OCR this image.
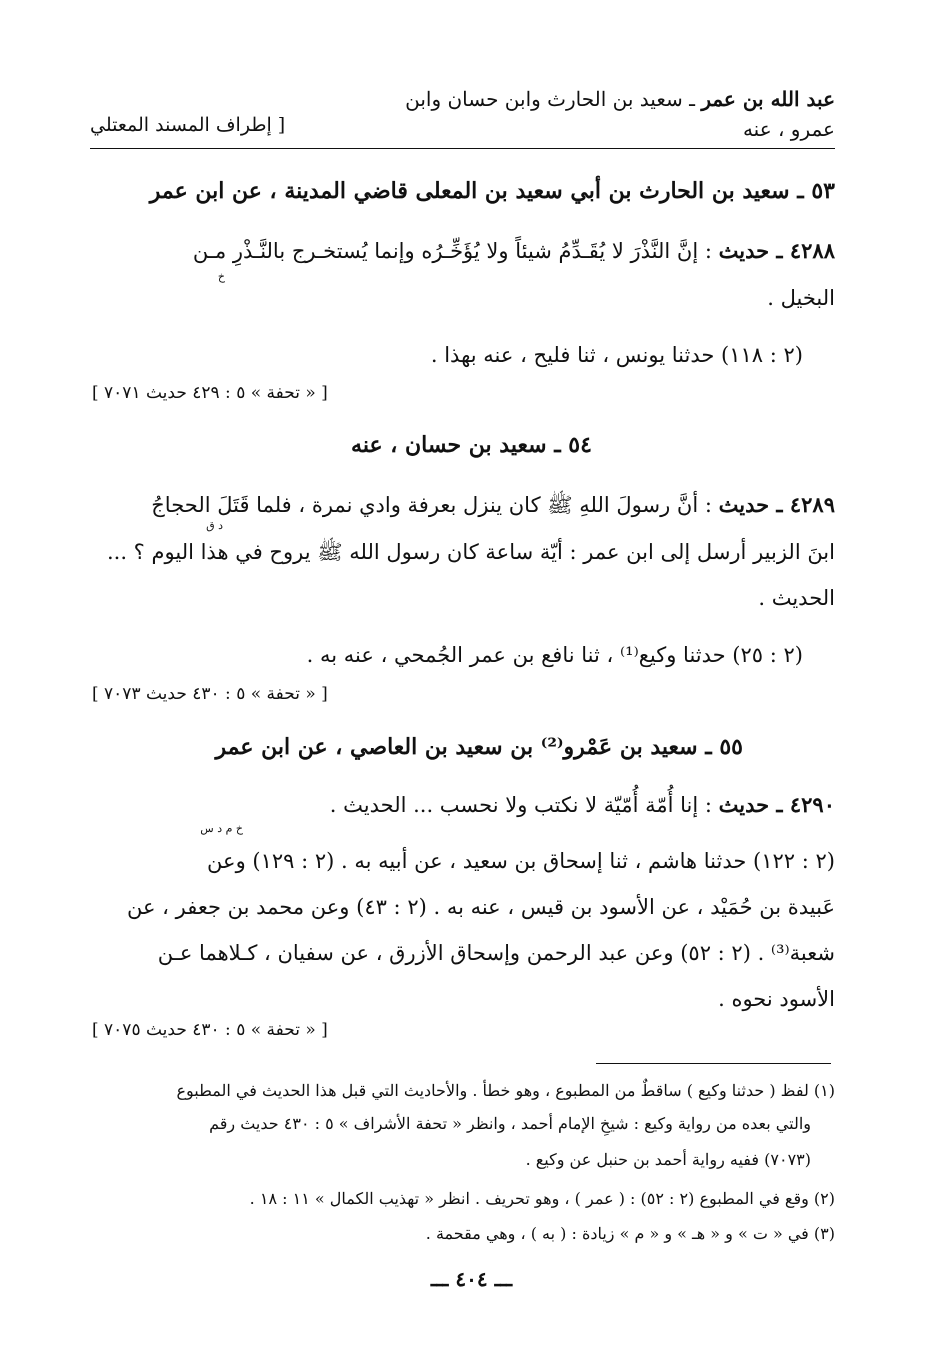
عبد الله بن عمر ـ سعيد بن الحارث وابن حسان وابن
عمرو ، عنه
[ إطراف المسند المعتلي
٥٣ ـ سعيد بن الحارث بن أبي سعيد بن المعلى قاضي المدينة ، عن ابن عمر
٤٢٨٨ ـ حديث : إنَّ النَّذْرَ لا يُقَـدِّمُ شيئاً ولا يُؤَخِّـرُه وإنما يُستخـرج بالنَّـذْرِ مـن
خ
البخيل .
(٢ : ١١٨) حدثنا يونس ، ثنا فليح ، عنه بهذا .
[ « تحفة » ٥ : ٤٢٩ حديث ٧٠٧١ ]
٥٤ ـ سعيد بن حسان ، عنه
٤٢٨٩ ـ حديث : أنَّ رسولَ اللهِ ﷺ كان ينزل بعرفة وادي نمرة ، فلما قَتَلَ الحجاجُ
د ق
ابنَ الزبير أرسل إلى ابن عمر : أيّة ساعة كان رسول الله ﷺ يروح في هذا اليوم ؟ ...
الحديث .
(٢ : ٢٥) حدثنا وكيع⁽¹⁾ ، ثنا نافع بن عمر الجُمحي ، عنه به .
[ « تحفة » ٥ : ٤٣٠ حديث ٧٠٧٣ ]
٥٥ ـ سعيد بن عَمْرو⁽²⁾ بن سعيد بن العاصي ، عن ابن عمر
٤٢٩٠ ـ حديث : إنا أُمّة أُمّيّة لا نكتب ولا نحسب ... الحديث .
خ م د س
(٢ : ١٢٢) حدثنا هاشم ، ثنا إسحاق بن سعيد ، عن أبيه به . (٢ : ١٢٩) وعن
عَبيدة بن حُمَيْد ، عن الأسود بن قيس ، عنه به . (٢ : ٤٣) وعن محمد بن جعفر ، عن
شعبة⁽³⁾ . (٢ : ٥٢) وعن عبد الرحمن وإسحاق الأزرق ، عن سفيان ، كـلاهما عـن
الأسود نحوه .
[ « تحفة » ٥ : ٤٣٠ حديث ٧٠٧٥ ]
(١) لفظ ( حدثنا وكيع ) ساقطٌ من المطبوع ، وهو خطأ . والأحاديث التي قبل هذا الحديث في المطبوع
والتي بعده من رواية وكيع : شيخِ الإمام أحمد ، وانظر « تحفة الأشراف » ٥ : ٤٣٠ حديث رقم
(٧٠٧٣) ففيه رواية أحمد بن حنبل عن وكيع .
(٢) وقع في المطبوع (٢ : ٥٢) : ( عمر ) ، وهو تحريف . انظر « تهذيب الكمال » ١١ : ١٨ .
(٣) في « ت » و « هـ » و « م » زيادة : ( به ) ، وهي مقحمة .
ـــ ٤٠٤ ـــ
